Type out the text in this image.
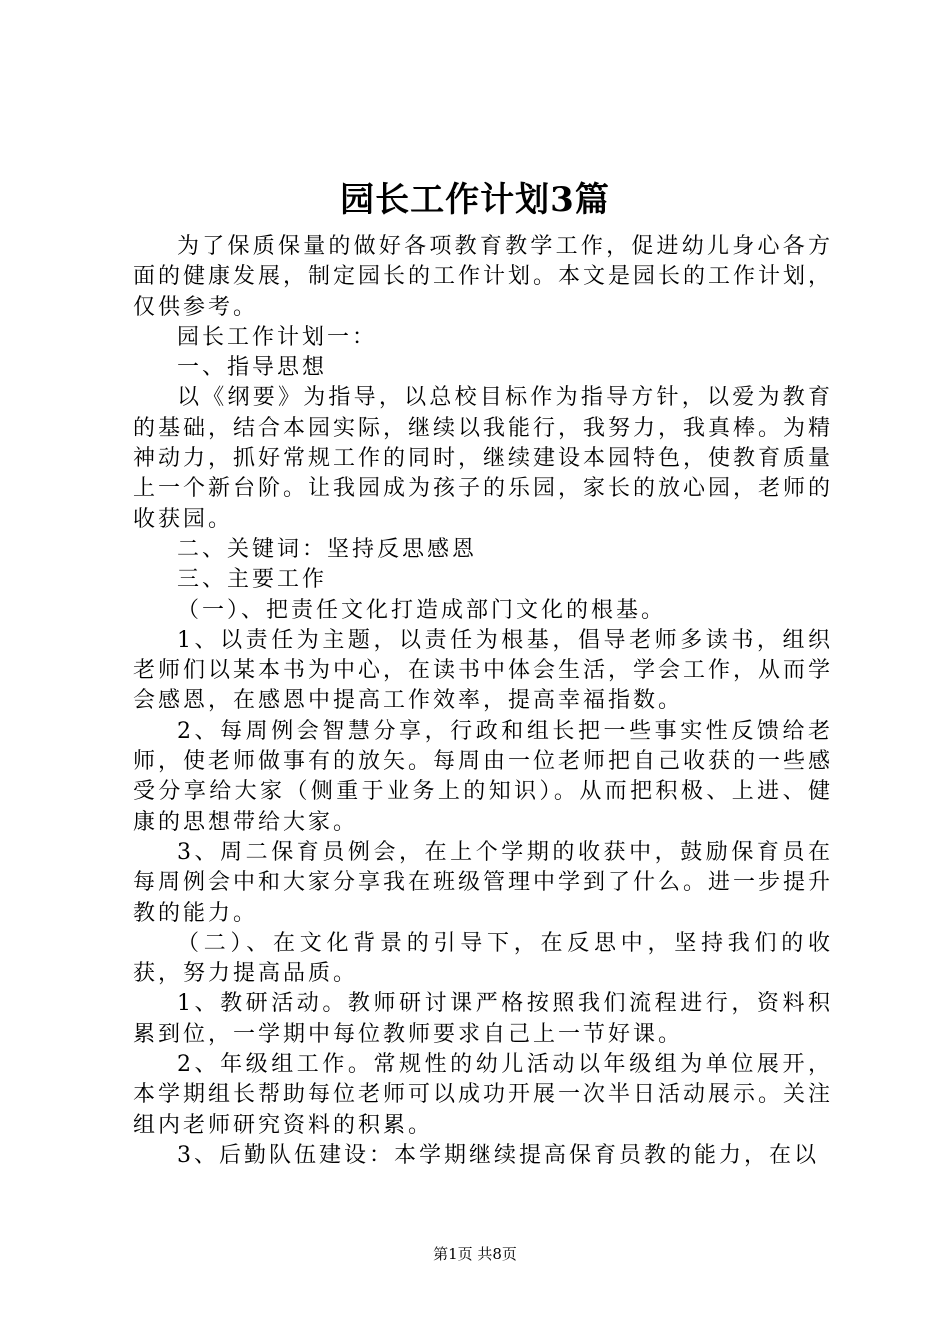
园长工作计划3篇

为了保质保量的做好各项教育教学工作，促进幼儿身心各方面的健康发展，制定园长的工作计划。本文是园长的工作计划，仅供参考。

园长工作计划一：

一、指导思想

以《纲要》为指导，以总校目标作为指导方针，以爱为教育的基础，结合本园实际，继续以我能行，我努力，我真棒。为精神动力，抓好常规工作的同时，继续建设本园特色，使教育质量上一个新台阶。让我园成为孩子的乐园，家长的放心园，老师的收获园。

二、关键词：坚持反思感恩

三、主要工作

（一）、把责任文化打造成部门文化的根基。

1、以责任为主题，以责任为根基，倡导老师多读书，组织老师们以某本书为中心，在读书中体会生活，学会工作，从而学会感恩，在感恩中提高工作效率，提高幸福指数。

2、每周例会智慧分享，行政和组长把一些事实性反馈给老师，使老师做事有的放矢。每周由一位老师把自己收获的一些感受分享给大家（侧重于业务上的知识）。从而把积极、上进、健康的思想带给大家。

3、周二保育员例会，在上个学期的收获中，鼓励保育员在每周例会中和大家分享我在班级管理中学到了什么。进一步提升教的能力。

（二）、在文化背景的引导下，在反思中，坚持我们的收获，努力提高品质。

1、教研活动。教师研讨课严格按照我们流程进行，资料积累到位，一学期中每位教师要求自己上一节好课。

2、年级组工作。常规性的幼儿活动以年级组为单位展开，本学期组长帮助每位老师可以成功开展一次半日活动展示。关注组内老师研究资料的积累。

3、后勤队伍建设：本学期继续提高保育员教的能力，在以

第1页 共8页
